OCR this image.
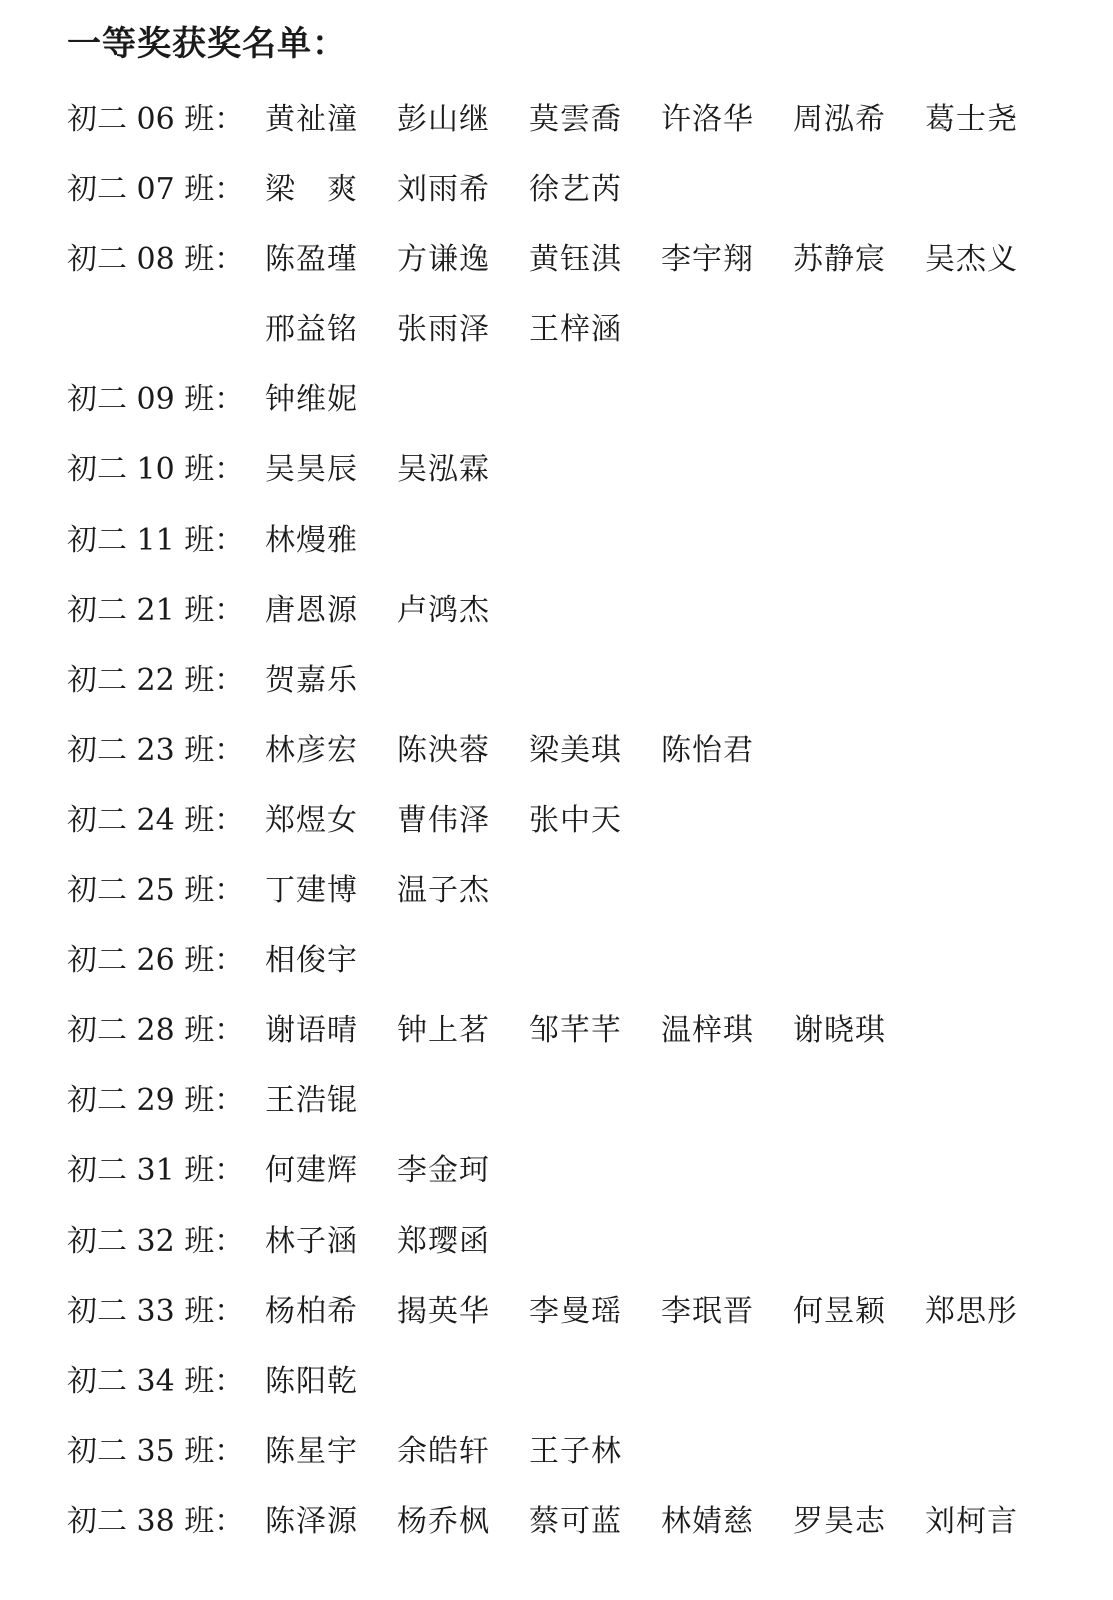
一等奖获奖名单：
初二 06 班： 黄祉潼	彭山继	莫雲喬	许洛华	周泓希	葛士尧
初二 07 班： 梁　爽	刘雨希	徐艺芮
初二 08 班： 陈盈瑾	方谦逸	黄钰淇	李宇翔	苏静宸	吴杰义
邢益铭	张雨泽	王梓涵
初二 09 班： 钟维妮
初二 10 班： 吴昊辰	吴泓霖
初二 11 班： 林熳雅
初二 21 班： 唐恩源	卢鸿杰
初二 22 班： 贺嘉乐
初二 23 班： 林彦宏	陈泱蓉	梁美琪	陈怡君
初二 24 班： 郑煜女	曹伟泽	张中天
初二 25 班： 丁建博	温子杰
初二 26 班： 相俊宇
初二 28 班： 谢语晴	钟上茗	邹芊芊	温梓琪	谢晓琪
初二 29 班： 王浩锟
初二 31 班： 何建辉	李金珂
初二 32 班： 林子涵	郑璎函
初二 33 班： 杨柏希	揭英华	李曼瑶	李珉晋	何昱颖	郑思彤
初二 34 班： 陈阳乾
初二 35 班： 陈星宇	余皓轩	王子林
初二 38 班： 陈泽源	杨乔枫	蔡可蓝	林婧慈	罗昊志	刘柯言
